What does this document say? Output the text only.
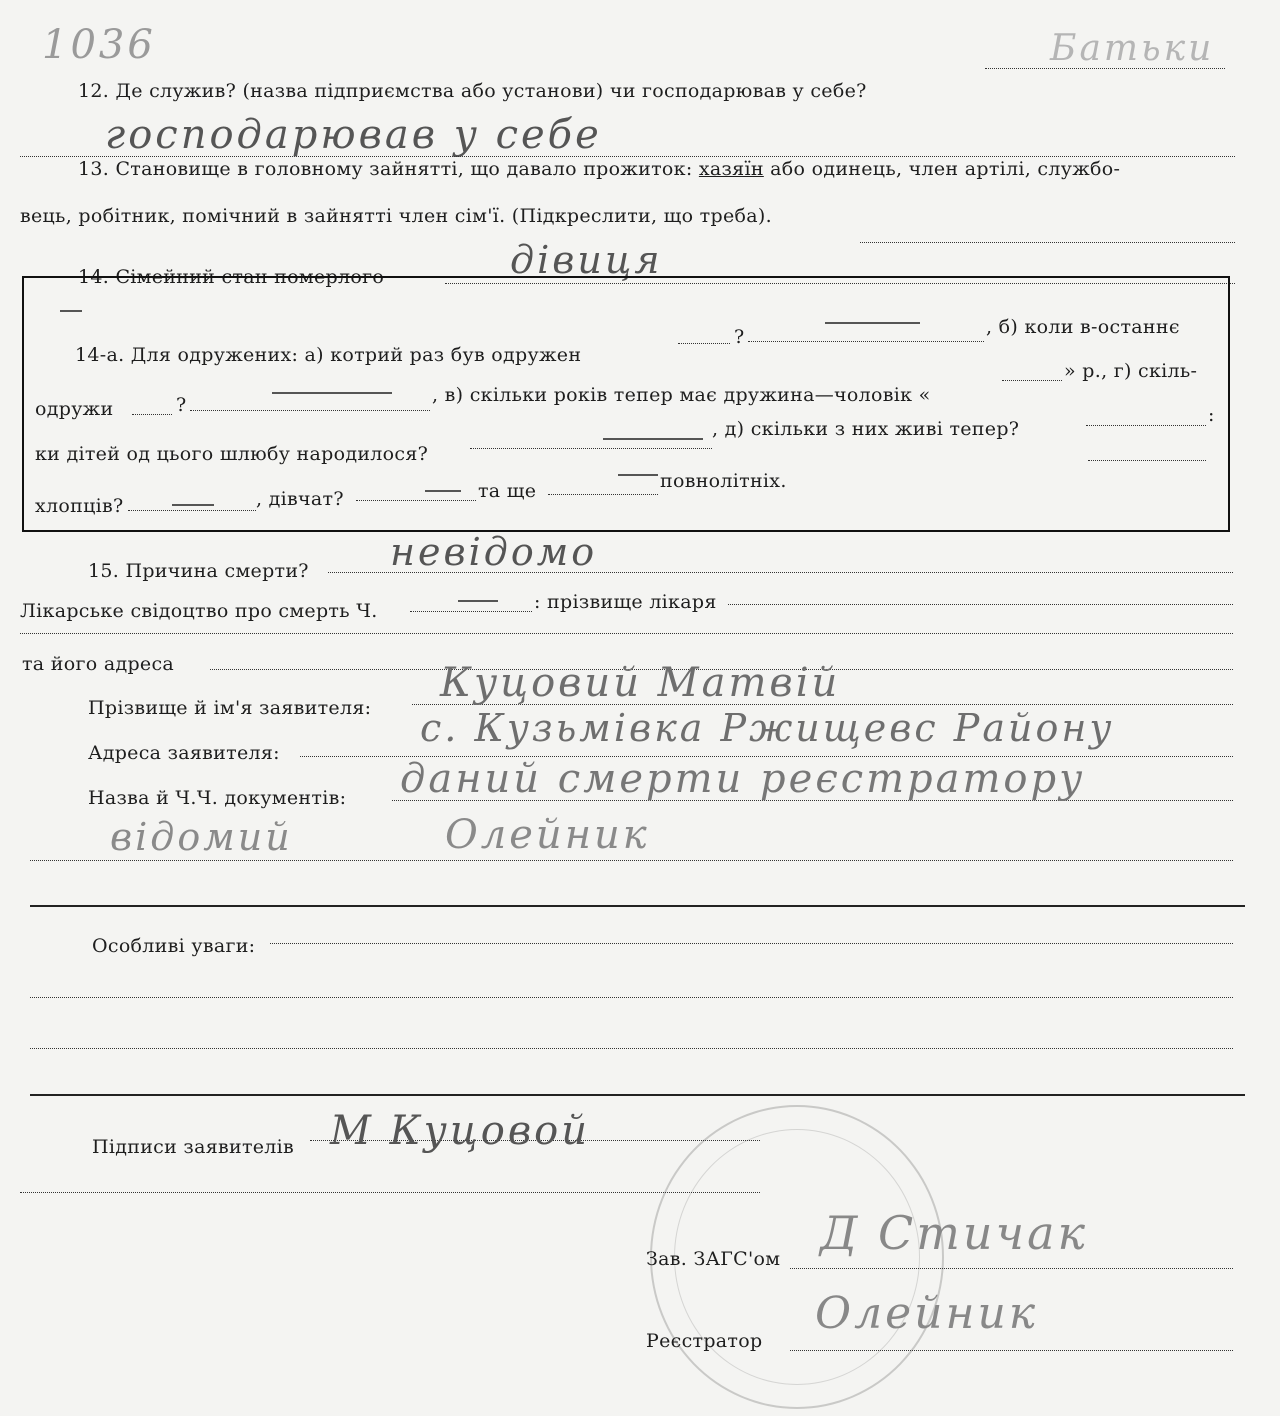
1036	Батьки
12. Де служив? (назва підприємства або установи) чи господарював у себе?
господарював у себе
13. Становище в головному зайнятті, що давало прожиток: хазяїн або одинець, член артілі, службо-
вець, робітник, помічний в зайнятті член сім'ї. (Підкреслити, що треба).
14. Сімейний стан померлого	дівиця
14-а. Для одружених: а) котрий раз був одружен
?	, б) коли в-останнє
одружи	?	, в) скільки років тепер має дружина—чоловік «
» р., г) скіль-
ки дітей од цього шлюбу народилося?
, д) скільки з них живі тепер?
:
хлопців?	, дівчат?	та ще	повнолітніх.
15. Причина смерти? невідомо
Лікарське свідоцтво про смерть Ч.	: прізвище лікаря
та його адреса
Прізвище й ім'я заявителя:
Куцовий Матвій
Адреса заявителя:
с. Кузьмівка Ржищевс Району
Назва й Ч.Ч. документів: даний смерти реєстратору
відомий	Олейник
Особливі уваги:
Підписи заявителів М Куцовой
Зав. ЗАГС'ом Д Стичак
Реєстратор
Олейник
